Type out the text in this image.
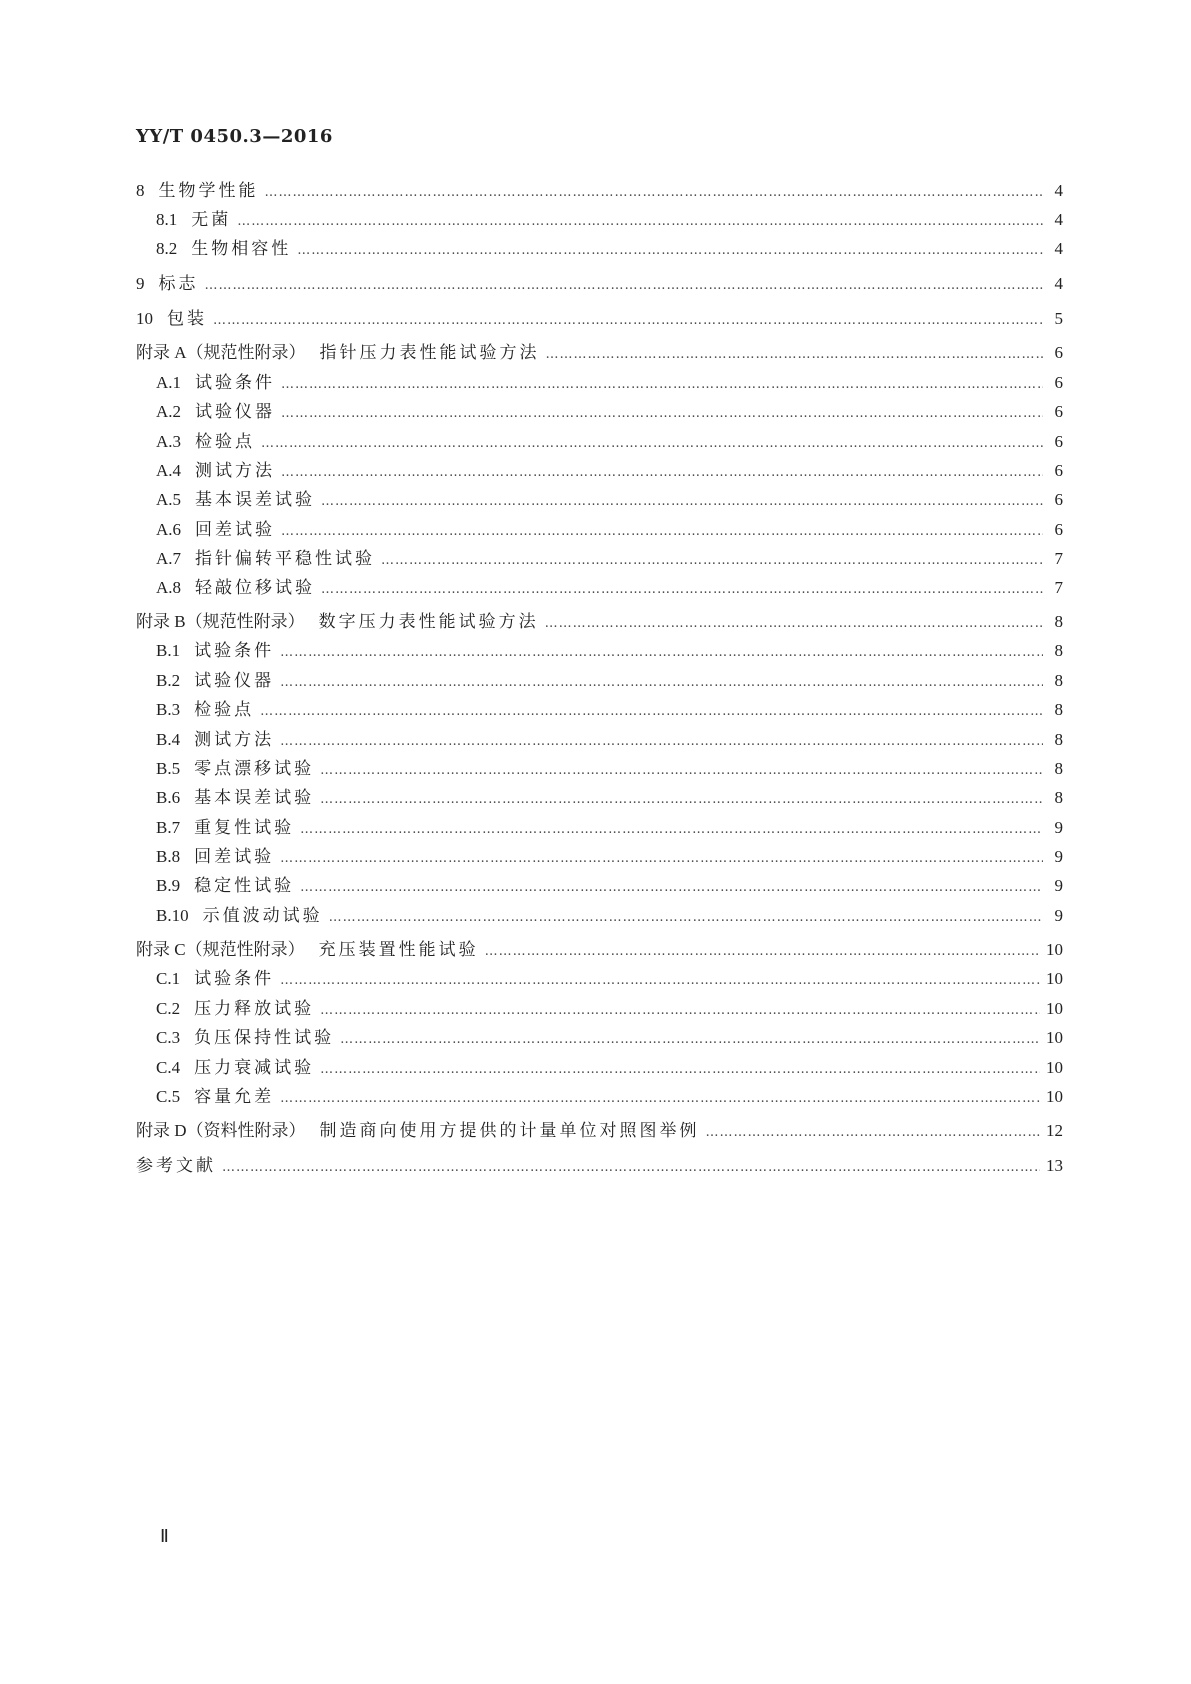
YY/T 0450.3—2016
8 生物学性能 …………………………………………………………………………………………………………………………………………………………………………………………………………………	4
8.1 无菌 …………………………………………………………………………………………………………………………………………………………………………………………………………………	4
8.2 生物相容性 …………………………………………………………………………………………………………………………………………………………………………………………………………………	4
9 标志 …………………………………………………………………………………………………………………………………………………………………………………………………………………	4
10 包装 …………………………………………………………………………………………………………………………………………………………………………………………………………………	5
附录 A（规范性附录） 指针压力表性能试验方法 …………………………………………………………………………………………………………………………………………………………………………………………………………………	6
A.1 试验条件 …………………………………………………………………………………………………………………………………………………………………………………………………………………	6
A.2 试验仪器 …………………………………………………………………………………………………………………………………………………………………………………………………………………	6
A.3 检验点 …………………………………………………………………………………………………………………………………………………………………………………………………………………	6
A.4 测试方法 …………………………………………………………………………………………………………………………………………………………………………………………………………………	6
A.5 基本误差试验 …………………………………………………………………………………………………………………………………………………………………………………………………………………	6
A.6 回差试验 …………………………………………………………………………………………………………………………………………………………………………………………………………………	6
A.7 指针偏转平稳性试验 …………………………………………………………………………………………………………………………………………………………………………………………………………………	7
A.8 轻敲位移试验 …………………………………………………………………………………………………………………………………………………………………………………………………………………	7
附录 B（规范性附录） 数字压力表性能试验方法 …………………………………………………………………………………………………………………………………………………………………………………………………………………	8
B.1 试验条件 …………………………………………………………………………………………………………………………………………………………………………………………………………………	8
B.2 试验仪器 …………………………………………………………………………………………………………………………………………………………………………………………………………………	8
B.3 检验点 …………………………………………………………………………………………………………………………………………………………………………………………………………………	8
B.4 测试方法 …………………………………………………………………………………………………………………………………………………………………………………………………………………	8
B.5 零点漂移试验 …………………………………………………………………………………………………………………………………………………………………………………………………………………	8
B.6 基本误差试验 …………………………………………………………………………………………………………………………………………………………………………………………………………………	8
B.7 重复性试验 …………………………………………………………………………………………………………………………………………………………………………………………………………………	9
B.8 回差试验 …………………………………………………………………………………………………………………………………………………………………………………………………………………	9
B.9 稳定性试验 …………………………………………………………………………………………………………………………………………………………………………………………………………………	9
B.10 示值波动试验 …………………………………………………………………………………………………………………………………………………………………………………………………………………	9
附录 C（规范性附录） 充压装置性能试验 …………………………………………………………………………………………………………………………………………………………………………………………………………………	10
C.1 试验条件 …………………………………………………………………………………………………………………………………………………………………………………………………………………	10
C.2 压力释放试验 …………………………………………………………………………………………………………………………………………………………………………………………………………………	10
C.3 负压保持性试验 …………………………………………………………………………………………………………………………………………………………………………………………………………………	10
C.4 压力衰减试验 …………………………………………………………………………………………………………………………………………………………………………………………………………………	10
C.5 容量允差 …………………………………………………………………………………………………………………………………………………………………………………………………………………	10
附录 D（资料性附录） 制造商向使用方提供的计量单位对照图举例 …………………………………………………………………………………………………………………………………………………………………………………………………………………	12
参考文献 …………………………………………………………………………………………………………………………………………………………………………………………………………………	13
Ⅱ
